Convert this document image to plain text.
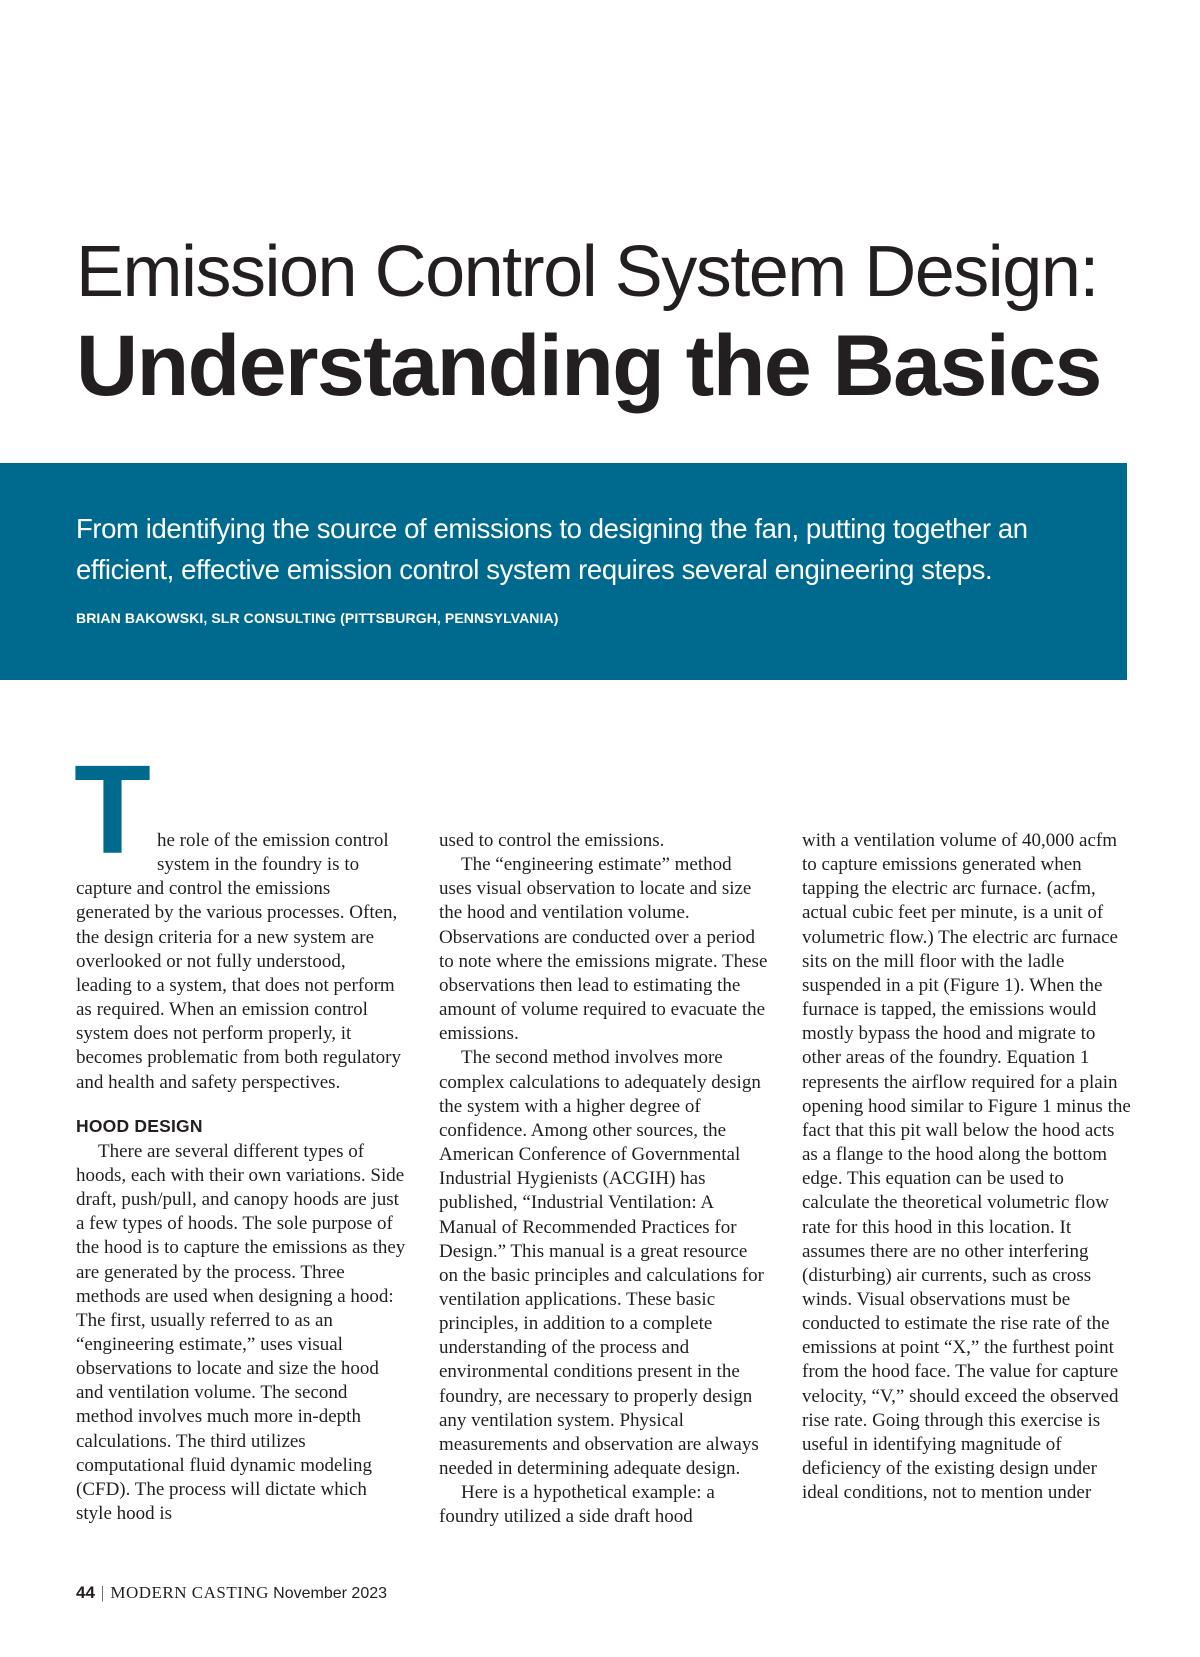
Emission Control System Design:
Understanding the Basics
From identifying the source of emissions to designing the fan, putting together an efficient, effective emission control system requires several engineering steps.
BRIAN BAKOWSKI, SLR CONSULTING (PITTSBURGH, PENNSYLVANIA)

The role of the emission control system in the foundry is to capture and control the emissions generated by the various processes. Often, the design criteria for a new system are overlooked or not fully understood, leading to a system, that does not perform as required. When an emission control system does not perform properly, it becomes problematic from both regulatory and health and safety perspectives.

HOOD DESIGN

There are several different types of hoods, each with their own variations. Side draft, push/pull, and canopy hoods are just a few types of hoods. The sole purpose of the hood is to capture the emissions as they are generated by the process. Three methods are used when designing a hood: The first, usually referred to as an “engineering estimate,” uses visual observations to locate and size the hood and ventilation volume. The second method involves much more in-depth calculations. The third utilizes computational fluid dynamic modeling (CFD). The process will dictate which style hood is

used to control the emissions.

The “engineering estimate” method uses visual observation to locate and size the hood and ventilation volume. Observations are conducted over a period to note where the emissions migrate. These observations then lead to estimating the amount of volume required to evacuate the emissions.

The second method involves more complex calculations to adequately design the system with a higher degree of confidence. Among other sources, the American Conference of Governmental Industrial Hygienists (ACGIH) has published, “Industrial Ventilation: A Manual of Recommended Practices for Design.” This manual is a great resource on the basic principles and calculations for ventilation applications. These basic principles, in addition to a complete understanding of the process and environmental conditions present in the foundry, are necessary to properly design any ventilation system. Physical measurements and observation are always needed in determining adequate design.

Here is a hypothetical example: a foundry utilized a side draft hood

with a ventilation volume of 40,000 acfm to capture emissions generated when tapping the electric arc furnace. (acfm, actual cubic feet per minute, is a unit of volumetric flow.) The electric arc furnace sits on the mill floor with the ladle suspended in a pit (Figure 1). When the furnace is tapped, the emissions would mostly bypass the hood and migrate to other areas of the foundry. Equation 1 represents the airflow required for a plain opening hood similar to Figure 1 minus the fact that this pit wall below the hood acts as a flange to the hood along the bottom edge. This equation can be used to calculate the theoretical volumetric flow rate for this hood in this location. It assumes there are no other interfering (disturbing) air currents, such as cross winds. Visual observations must be conducted to estimate the rise rate of the emissions at point “X,” the furthest point from the hood face. The value for capture velocity, “V,” should exceed the observed rise rate. Going through this exercise is useful in identifying magnitude of deficiency of the existing design under ideal conditions, not to mention under

44 | MODERN CASTING November 2023
